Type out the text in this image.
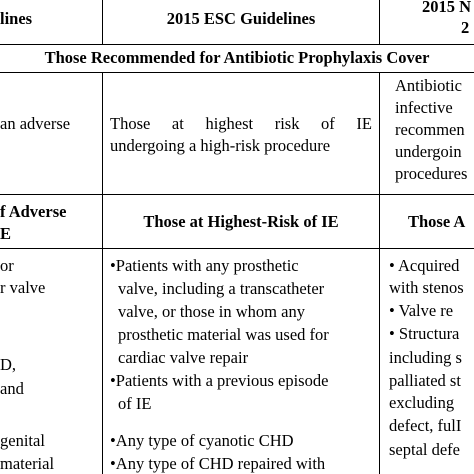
lines	2015 ESC Guidelines
2015 N
2
Those Recommended for Antibiotic Prophylaxis Cover
an adverse Those at highest risk of IE
undergoing a high-risk procedure
Antibiotic
infective
recommen
undergoin
procedures
f Adverse
E
Those at Highest-Risk of IE	Those A
or
r valve
D,
and
genital
material
•Patients with any prosthetic
valve, including a transcatheter
valve, or those in whom any
prosthetic material was used for
cardiac valve repair
•Patients with a previous episode
of IE
•Any type of cyanotic CHD
•Any type of CHD repaired with
• Acquired
with stenos
• Valve re
• Structura
including s
palliated st
excluding
defect, fulI
septal defe
